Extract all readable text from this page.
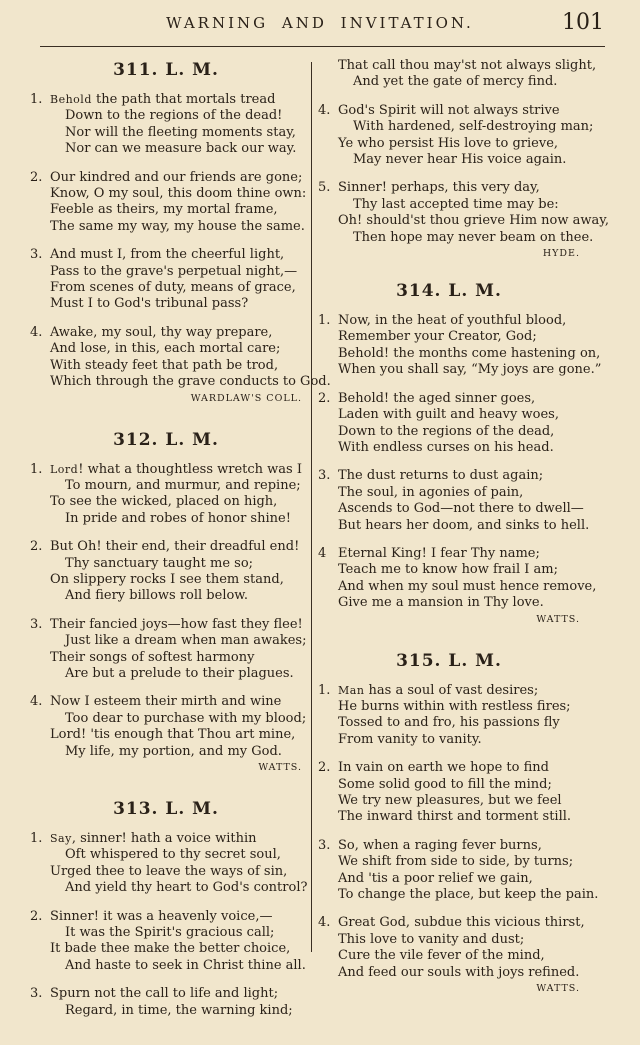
WARNING AND INVITATION.	101
311. L. M.
1. Behold the path that mortals tread
Down to the regions of the dead!
Nor will the fleeting moments stay,
Nor can we measure back our way.
2. Our kindred and our friends are gone;
Know, O my soul, this doom thine own:
Feeble as theirs, my mortal frame,
The same my way, my house the same.
3. And must I, from the cheerful light,
Pass to the grave's perpetual night,—
From scenes of duty, means of grace,
Must I to God's tribunal pass?
4. Awake, my soul, thy way prepare,
And lose, in this, each mortal care;
With steady feet that path be trod,
Which through the grave conducts to God.
WARDLAW'S COLL.
312. L. M.
1. Lord! what a thoughtless wretch was I
To mourn, and murmur, and repine;
To see the wicked, placed on high,
In pride and robes of honor shine!
2. But Oh! their end, their dreadful end!
Thy sanctuary taught me so;
On slippery rocks I see them stand,
And fiery billows roll below.
3. Their fancied joys—how fast they flee!
Just like a dream when man awakes;
Their songs of softest harmony
Are but a prelude to their plagues.
4. Now I esteem their mirth and wine
Too dear to purchase with my blood;
Lord! 'tis enough that Thou art mine,
My life, my portion, and my God.
WATTS.
313. L. M.
1. Say, sinner! hath a voice within
Oft whispered to thy secret soul,
Urged thee to leave the ways of sin,
And yield thy heart to God's control?
2. Sinner! it was a heavenly voice,—
It was the Spirit's gracious call;
It bade thee make the better choice,
And haste to seek in Christ thine all.
3. Spurn not the call to life and light;
Regard, in time, the warning kind;
That call thou may'st not always slight,
And yet the gate of mercy find.
4. God's Spirit will not always strive
With hardened, self-destroying man;
Ye who persist His love to grieve,
May never hear His voice again.
5. Sinner! perhaps, this very day,
Thy last accepted time may be:
Oh! should'st thou grieve Him now away,
Then hope may never beam on thee.
HYDE.
314. L. M.
1. Now, in the heat of youthful blood,
Remember your Creator, God;
Behold! the months come hastening on,
When you shall say, “My joys are gone.”
2. Behold! the aged sinner goes,
Laden with guilt and heavy woes,
Down to the regions of the dead,
With endless curses on his head.
3. The dust returns to dust again;
The soul, in agonies of pain,
Ascends to God—not there to dwell—
But hears her doom, and sinks to hell.
4 Eternal King! I fear Thy name;
Teach me to know how frail I am;
And when my soul must hence remove,
Give me a mansion in Thy love.
WATTS.
315. L. M.
1. Man has a soul of vast desires;
He burns within with restless fires;
Tossed to and fro, his passions fly
From vanity to vanity.
2. In vain on earth we hope to find
Some solid good to fill the mind;
We try new pleasures, but we feel
The inward thirst and torment still.
3. So, when a raging fever burns,
We shift from side to side, by turns;
And 'tis a poor relief we gain,
To change the place, but keep the pain.
4. Great God, subdue this vicious thirst,
This love to vanity and dust;
Cure the vile fever of the mind,
And feed our souls with joys refined.
WATTS.
